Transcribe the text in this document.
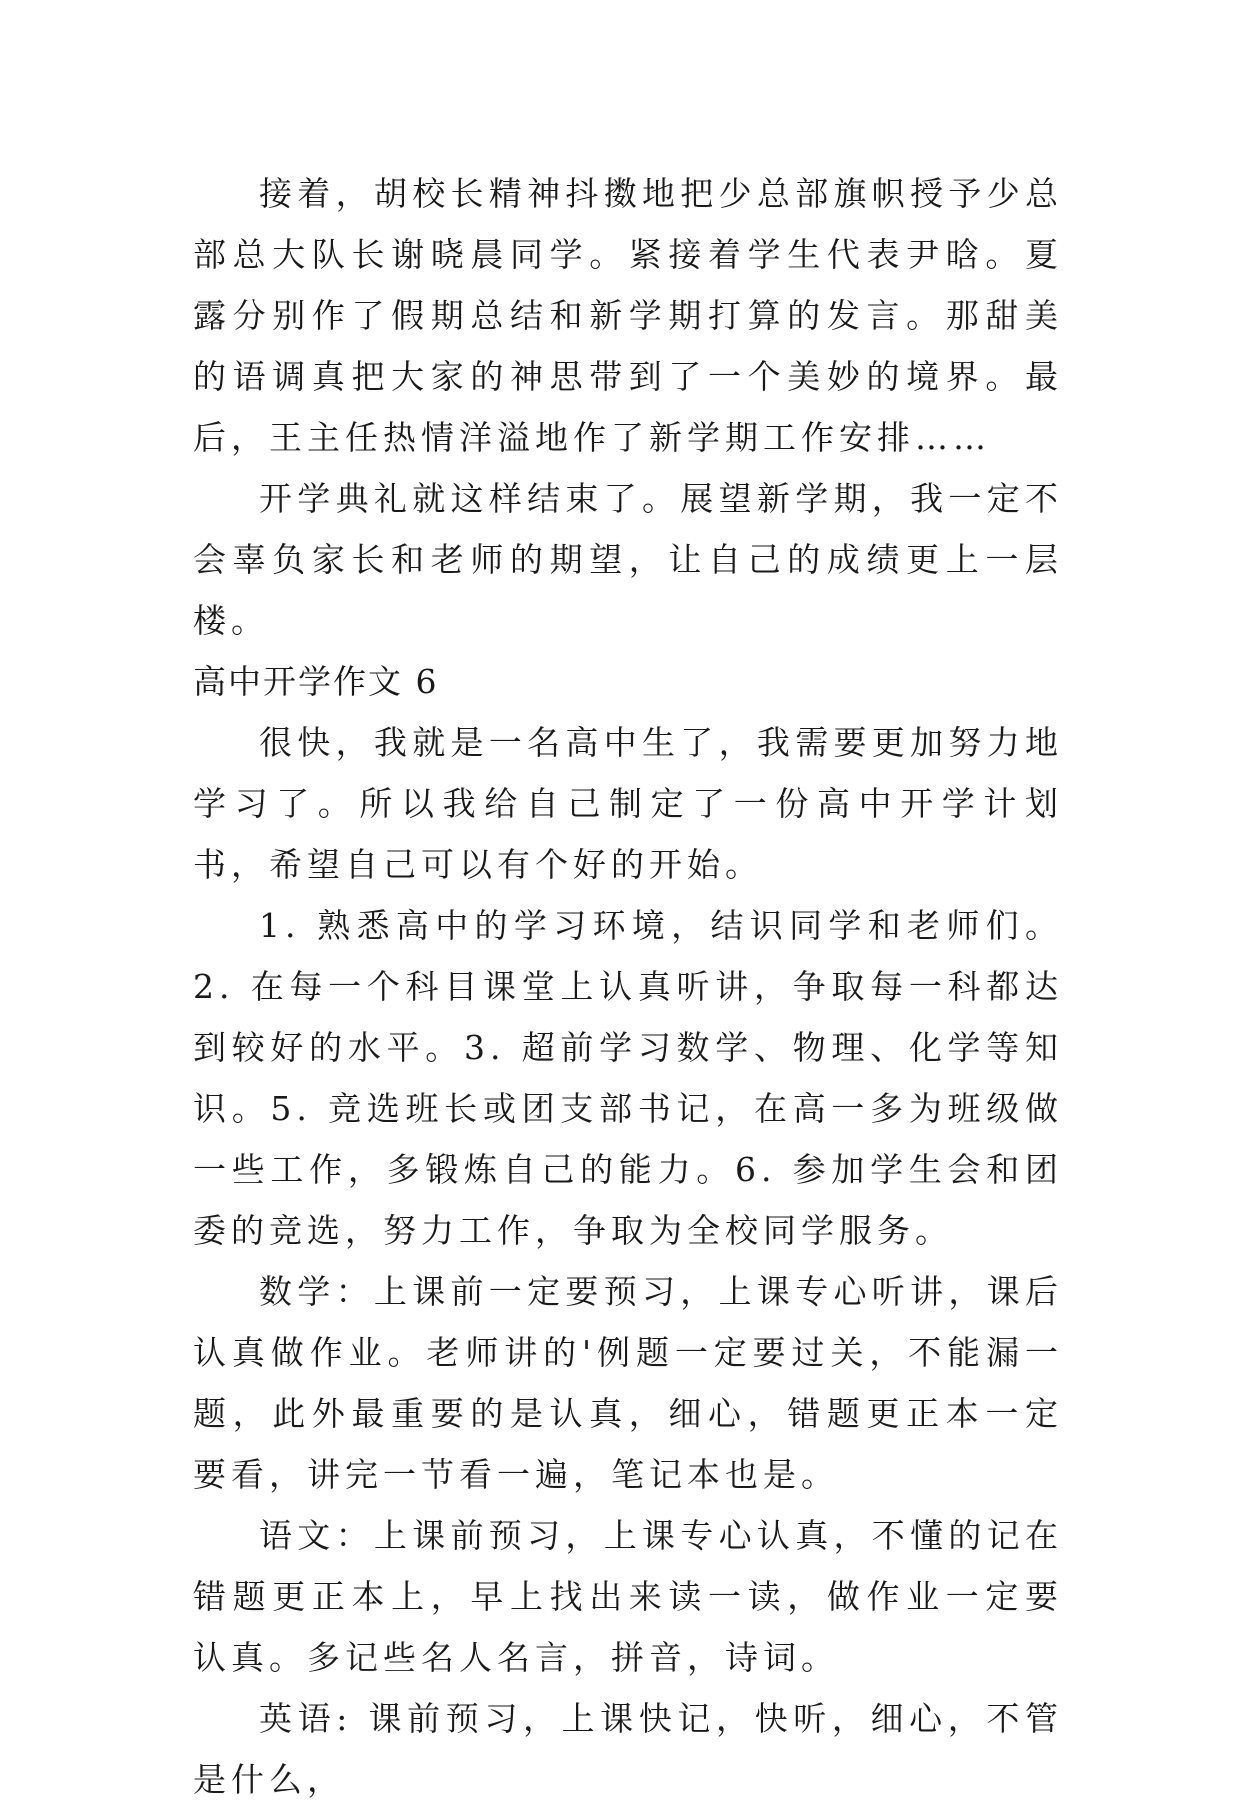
接着，胡校长精神抖擞地把少总部旗帜授予少总部总大队长谢晓晨同学。紧接着学生代表尹晗。夏露分别作了假期总结和新学期打算的发言。那甜美的语调真把大家的神思带到了一个美妙的境界。最后，王主任热情洋溢地作了新学期工作安排……

开学典礼就这样结束了。展望新学期，我一定不会辜负家长和老师的期望，让自己的成绩更上一层楼。

高中开学作文 6

很快，我就是一名高中生了，我需要更加努力地学习了。所以我给自己制定了一份高中开学计划书，希望自己可以有个好的开始。

1. 熟悉高中的学习环境，结识同学和老师们。2. 在每一个科目课堂上认真听讲，争取每一科都达到较好的水平。3. 超前学习数学、物理、化学等知识。5. 竞选班长或团支部书记，在高一多为班级做一些工作，多锻炼自己的能力。6. 参加学生会和团委的竞选，努力工作，争取为全校同学服务。

数学：上课前一定要预习，上课专心听讲，课后认真做作业。老师讲的'例题一定要过关，不能漏一题，此外最重要的是认真，细心，错题更正本一定要看，讲完一节看一遍，笔记本也是。

语文：上课前预习，上课专心认真，不懂的记在错题更正本上，早上找出来读一读，做作业一定要认真。多记些名人名言，拼音，诗词。

英语: 课前预习，上课快记，快听，细心，不管是什么，
